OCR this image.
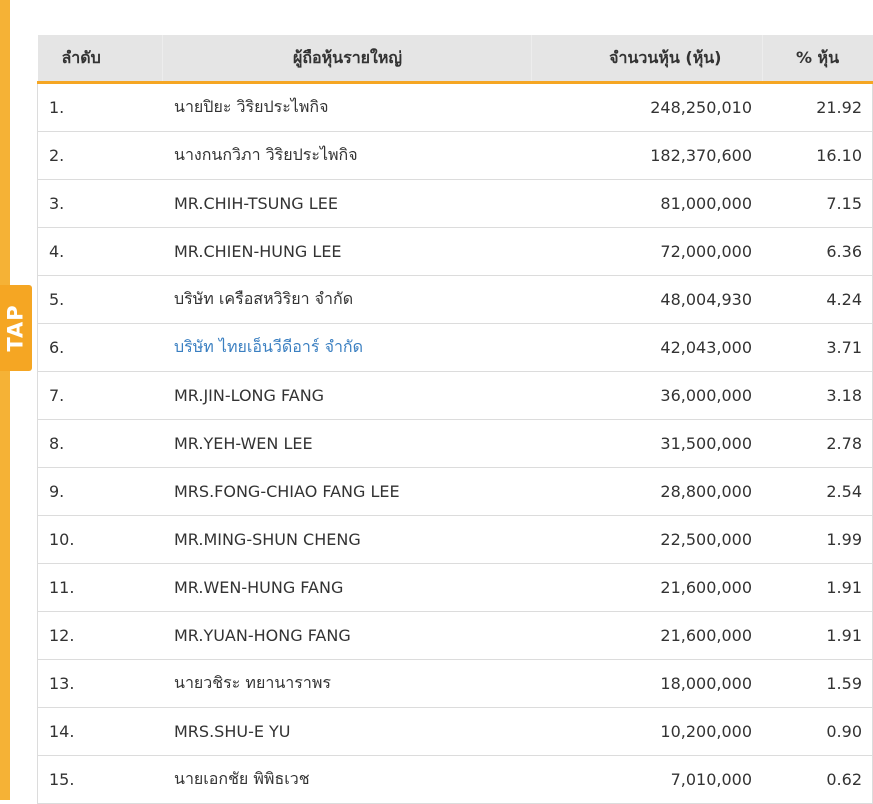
TAP
ลำดับ	ผู้ถือหุ้นรายใหญ่	จำนวนหุ้น (หุ้น)	% หุ้น
1.	นายปิยะ วิริยประไพกิจ	248,250,010	21.92
2.	นางกนกวิภา วิริยประไพกิจ	182,370,600	16.10
3.	MR.CHIH-TSUNG LEE	81,000,000	7.15
4.	MR.CHIEN-HUNG LEE	72,000,000	6.36
5.	บริษัท เครือสหวิริยา จำกัด	48,004,930	4.24
6.	บริษัท ไทยเอ็นวีดีอาร์ จำกัด	42,043,000	3.71
7.	MR.JIN-LONG FANG	36,000,000	3.18
8.	MR.YEH-WEN LEE	31,500,000	2.78
9.	MRS.FONG-CHIAO FANG LEE	28,800,000	2.54
10.	MR.MING-SHUN CHENG	22,500,000	1.99
11.	MR.WEN-HUNG FANG	21,600,000	1.91
12.	MR.YUAN-HONG FANG	21,600,000	1.91
13.	นายวชิระ ทยานาราพร	18,000,000	1.59
14.	MRS.SHU-E YU	10,200,000	0.90
15.	นายเอกชัย พิพิธเวช	7,010,000	0.62
